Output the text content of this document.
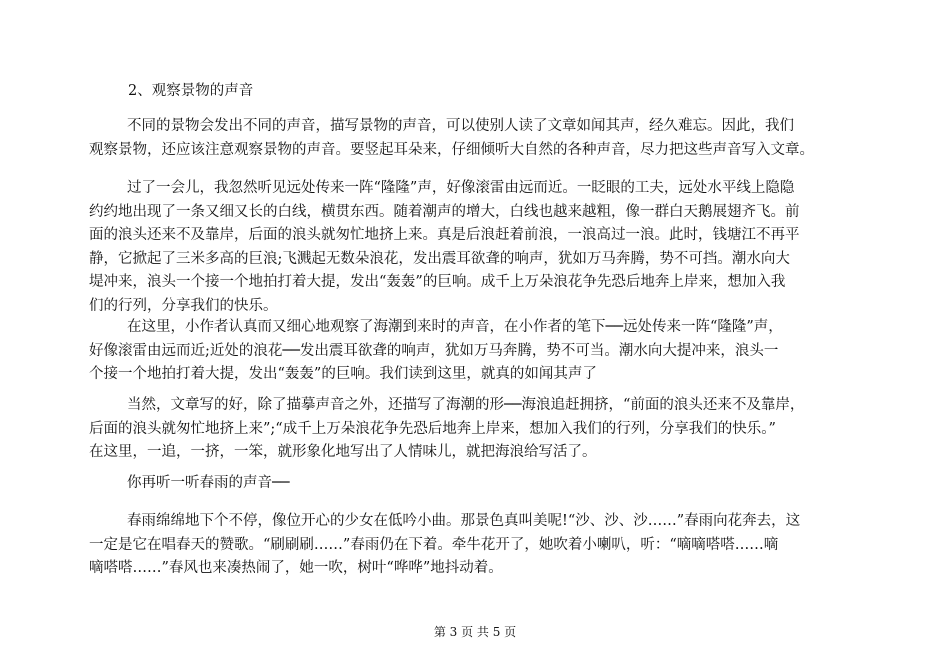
2、观察景物的声音
不同的景物会发出不同的声音，描写景物的声音，可以使别人读了文章如闻其声，经久难忘。因此，我们
观察景物，还应该注意观察景物的声音。要竖起耳朵来，仔细倾听大自然的各种声音，尽力把这些声音写入文章。
过了一会儿，我忽然听见远处传来一阵“隆隆”声，好像滚雷由远而近。一眨眼的工夫，远处水平线上隐隐
约约地出现了一条又细又长的白线，横贯东西。随着潮声的增大，白线也越来越粗，像一群白天鹅展翅齐飞。前
面的浪头还来不及靠岸，后面的浪头就匆忙地挤上来。真是后浪赶着前浪，一浪高过一浪。此时，钱塘江不再平
静，它掀起了三米多高的巨浪;飞溅起无数朵浪花，发出震耳欲聋的响声，犹如万马奔腾，势不可挡。潮水向大
堤冲来，浪头一个接一个地拍打着大提，发出“轰轰”的巨响。成千上万朵浪花争先恐后地奔上岸来，想加入我
们的行列，分享我们的快乐。
在这里，小作者认真而又细心地观察了海潮到来时的声音，在小作者的笔下──远处传来一阵“隆隆”声，
好像滚雷由远而近;近处的浪花──发出震耳欲聋的响声，犹如万马奔腾，势不可当。潮水向大提冲来，浪头一
个接一个地拍打着大提，发出“轰轰”的巨响。我们读到这里，就真的如闻其声了
当然，文章写的好，除了描摹声音之外，还描写了海潮的形──海浪追赶拥挤，“前面的浪头还来不及靠岸，
后面的浪头就匆忙地挤上来”;“成千上万朵浪花争先恐后地奔上岸来，想加入我们的行列，分享我们的快乐。”
在这里，一追，一挤，一笨，就形象化地写出了人情味儿，就把海浪给写活了。
你再听一听春雨的声音──
春雨绵绵地下个不停，像位开心的少女在低吟小曲。那景色真叫美呢!“沙、沙、沙……”春雨向花奔去，这
一定是它在唱春天的赞歌。“刷刷刷……”春雨仍在下着。牵牛花开了，她吹着小喇叭，听：“嘀嘀嗒嗒……嘀
嘀嗒嗒……”春风也来凑热闹了，她一吹，树叶“哗哗”地抖动着。
第 3 页 共 5 页
